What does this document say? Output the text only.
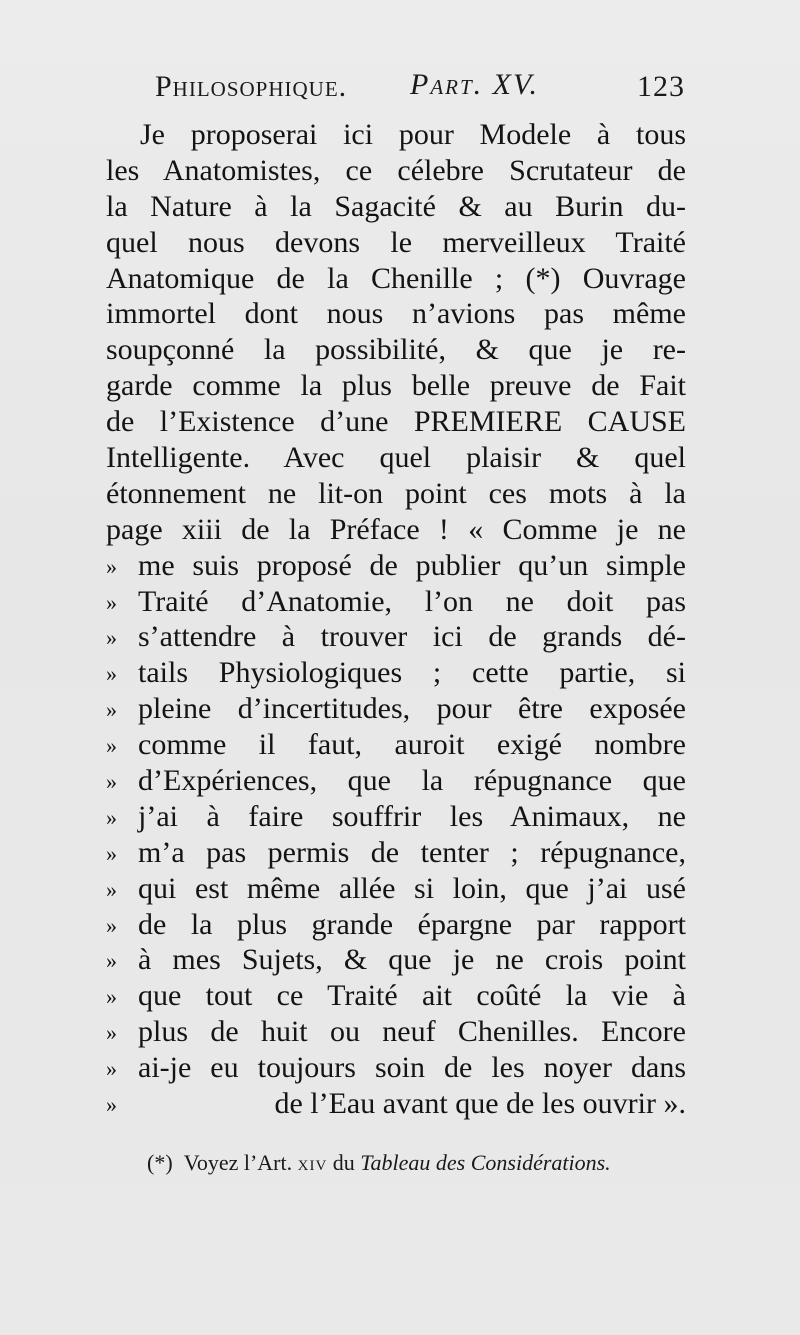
Philosophique. Part. XV.	123
Je proposerai ici pour Modele à tous
les Anatomistes, ce célebre Scrutateur de
la Nature à la Sagacité & au Burin du-
quel nous devons le merveilleux Traité
Anatomique de la Chenille ; (*) Ouvrage
immortel dont nous n’avions pas même
soupçonné la possibilité, & que je re-
garde comme la plus belle preuve de Fait
de l’Existence d’une PREMIERE CAUSE
Intelligente. Avec quel plaisir & quel
étonnement ne lit-on point ces mots à la
page xiii de la Préface ! « Comme je ne
» me suis proposé de publier qu’un simple
» Traité d’Anatomie, l’on ne doit pas
» s’attendre à trouver ici de grands dé-
» tails Physiologiques ; cette partie, si
» pleine d’incertitudes, pour être exposée
» comme il faut, auroit exigé nombre
» d’Expériences, que la répugnance que
» j’ai à faire souffrir les Animaux, ne
» m’a pas permis de tenter ; répugnance,
» qui est même allée si loin, que j’ai usé
» de la plus grande épargne par rapport
» à mes Sujets, & que je ne crois point
» que tout ce Traité ait coûté la vie à
» plus de huit ou neuf Chenilles. Encore
» ai-je eu toujours soin de les noyer dans
»	de l’Eau avant que de les ouvrir ».
(*) Voyez l’Art. xiv du Tableau des Considérations.
